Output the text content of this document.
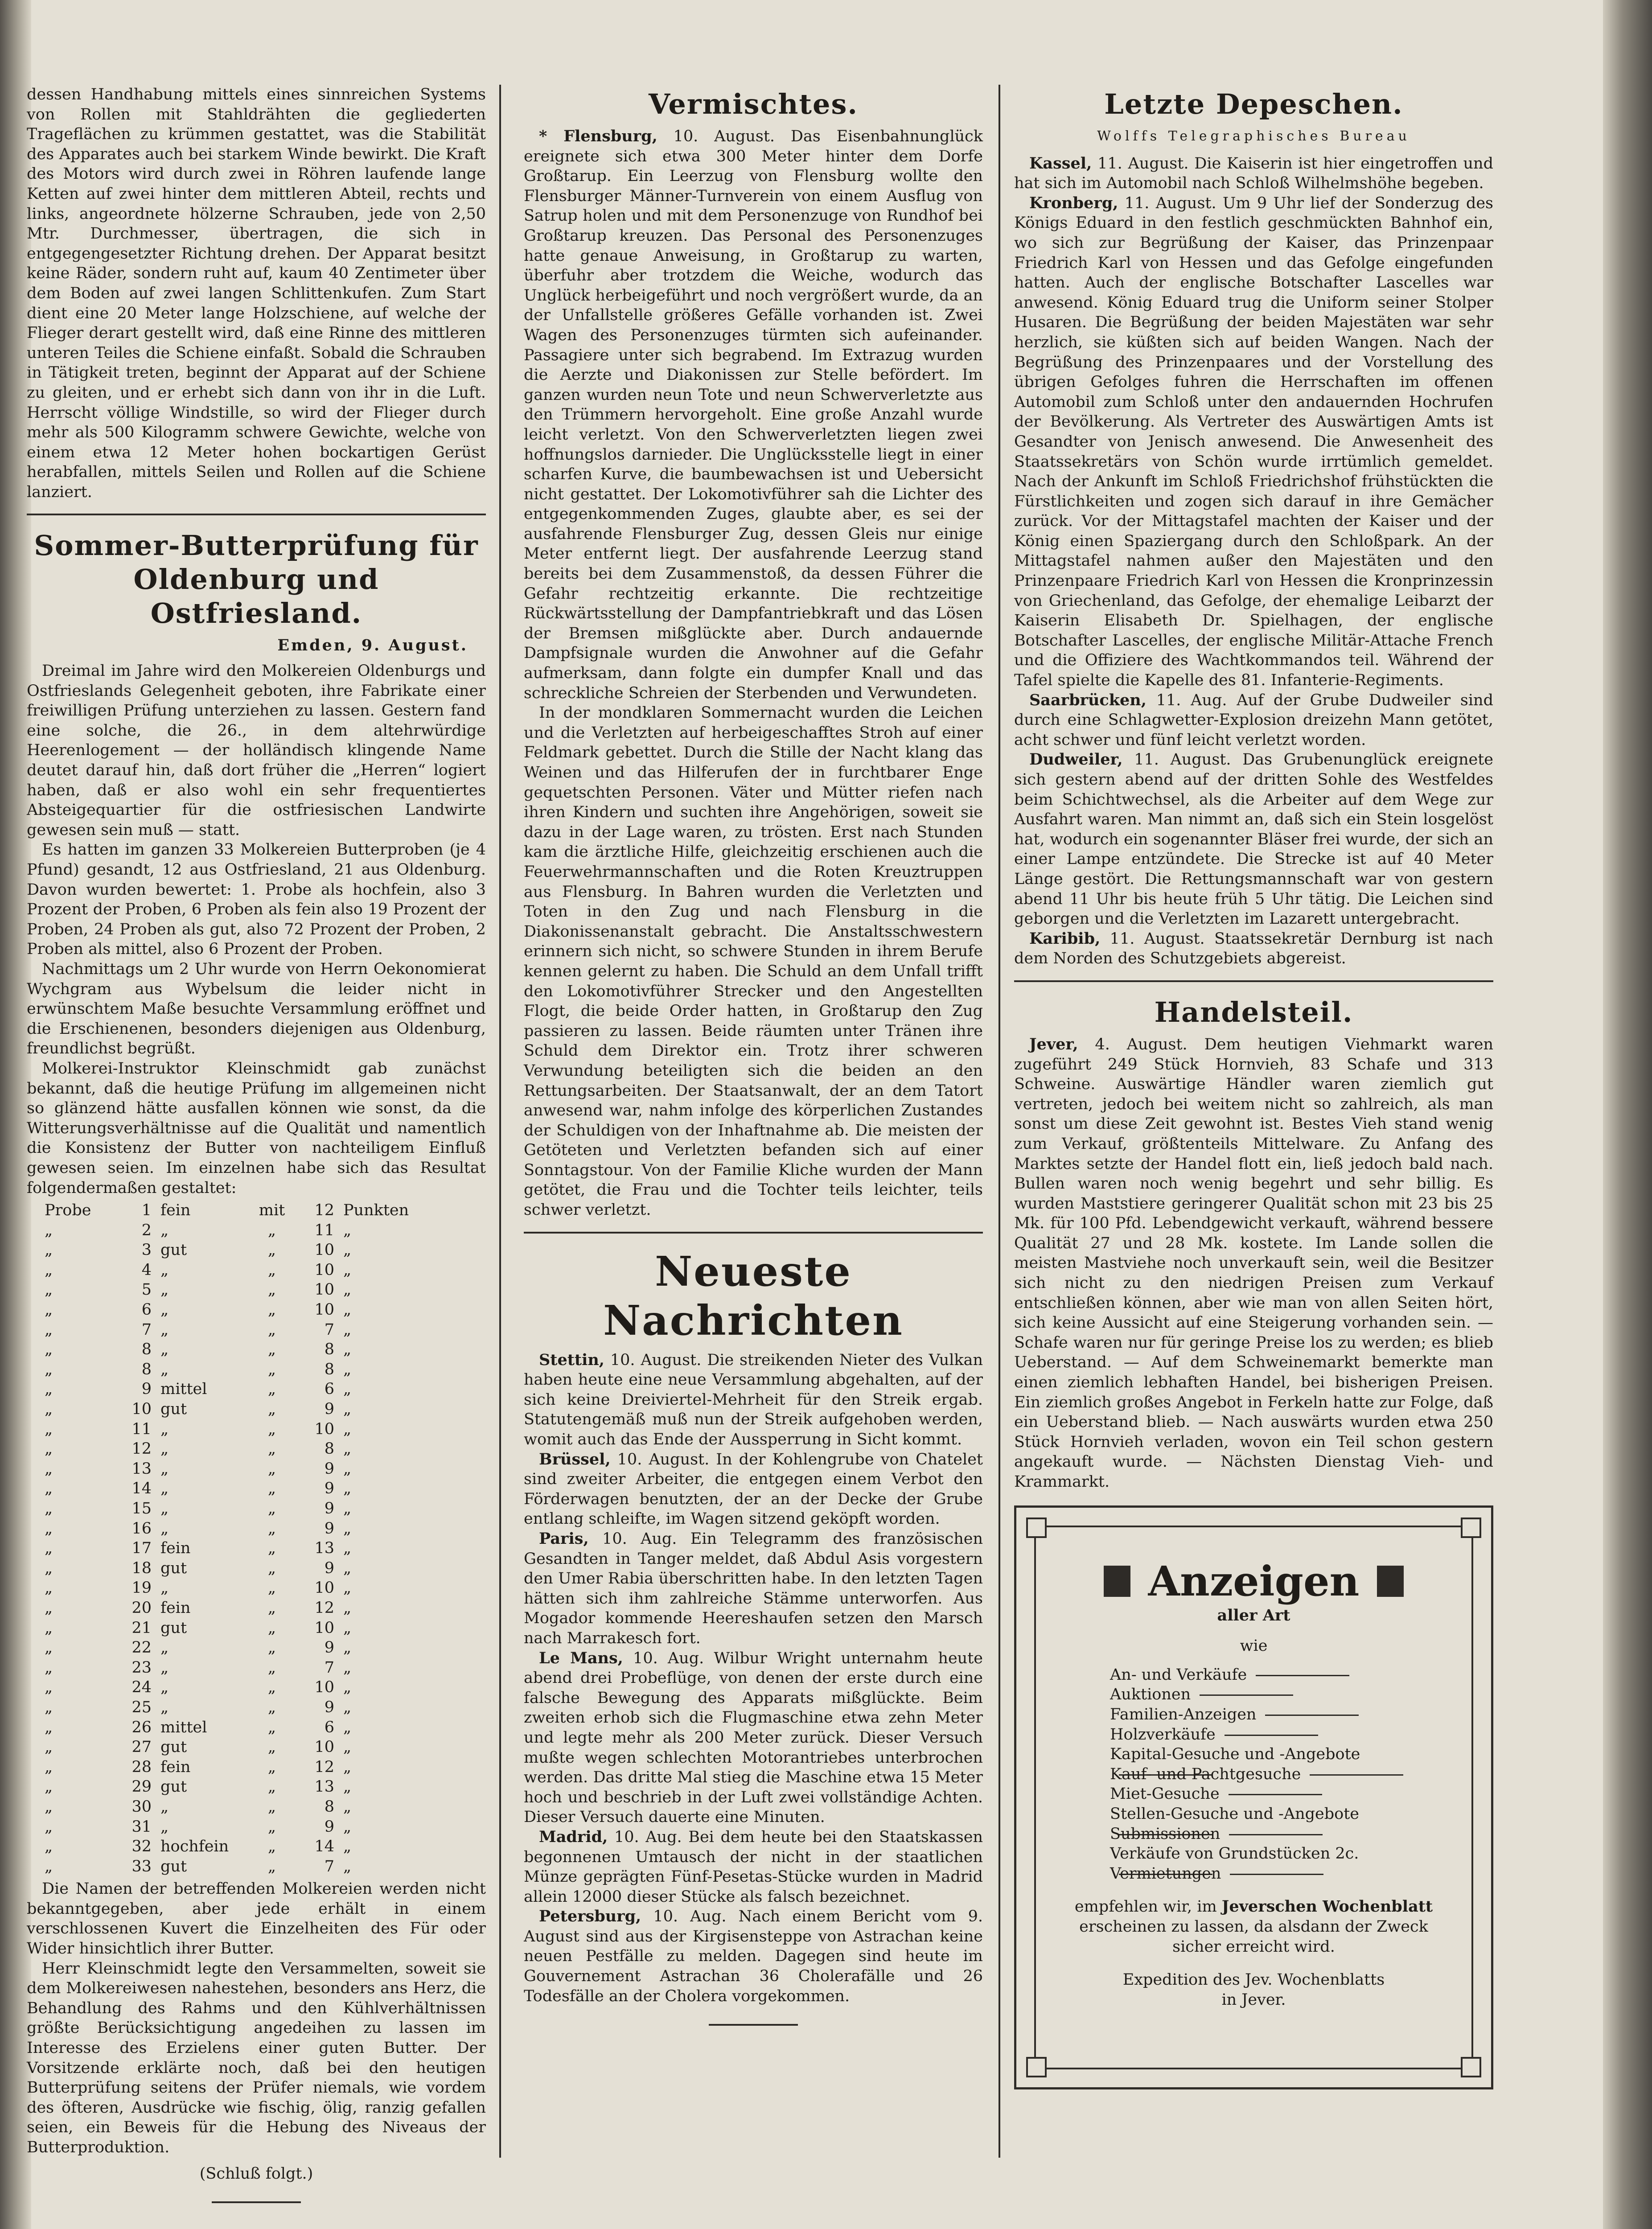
dessen Handhabung mittels eines sinnreichen Systems von Rollen mit Stahldrähten die gegliederten Trageflächen zu krümmen gestattet, was die Stabilität des Apparates auch bei starkem Winde bewirkt. Die Kraft des Motors wird durch zwei in Röhren laufende lange Ketten auf zwei hinter dem mittleren Abteil, rechts und links, angeordnete hölzerne Schrauben, jede von 2,50 Mtr. Durchmesser, übertragen, die sich in entgegengesetzter Richtung drehen. Der Apparat besitzt keine Räder, sondern ruht auf, kaum 40 Zentimeter über dem Boden auf zwei langen Schlittenkufen. Zum Start dient eine 20 Meter lange Holzschiene, auf welche der Flieger derart gestellt wird, daß eine Rinne des mittleren unteren Teiles die Schiene einfaßt. Sobald die Schrauben in Tätigkeit treten, beginnt der Apparat auf der Schiene zu gleiten, und er erhebt sich dann von ihr in die Luft. Herrscht völlige Windstille, so wird der Flieger durch mehr als 500 Kilogramm schwere Gewichte, welche von einem etwa 12 Meter hohen bockartigen Gerüst herabfallen, mittels Seilen und Rollen auf die Schiene lanziert.

Sommer-Butterprüfung für Oldenburg und Ostfriesland.
Emden, 9. August.

Dreimal im Jahre wird den Molkereien Oldenburgs und Ostfrieslands Gelegenheit geboten, ihre Fabrikate einer freiwilligen Prüfung unterziehen zu lassen. Gestern fand eine solche, die 26., in dem altehrwürdige Heerenlogement — der holländisch klingende Name deutet darauf hin, daß dort früher die „Herren“ logiert haben, daß er also wohl ein sehr frequentiertes Absteigequartier für die ostfriesischen Landwirte gewesen sein muß — statt.

Es hatten im ganzen 33 Molkereien Butterproben (je 4 Pfund) gesandt, 12 aus Ostfriesland, 21 aus Oldenburg. Davon wurden bewertet: 1. Probe als hochfein, also 3 Prozent der Proben, 6 Proben als fein also 19 Prozent der Proben, 24 Proben als gut, also 72 Prozent der Proben, 2 Proben als mittel, also 6 Prozent der Proben.

Nachmittags um 2 Uhr wurde von Herrn Oekonomierat Wychgram aus Wybelsum die leider nicht in erwünschtem Maße besuchte Versammlung eröffnet und die Erschienenen, besonders diejenigen aus Oldenburg, freundlichst begrüßt.

Molkerei-Instruktor Kleinschmidt gab zunächst bekannt, daß die heutige Prüfung im allgemeinen nicht so glänzend hätte ausfallen können wie sonst, da die Witterungsverhältnisse auf die Qualität und namentlich die Konsistenz der Butter von nachteiligem Einfluß gewesen seien. Im einzelnen habe sich das Resultat folgendermaßen gestaltet:

Probe	1	fein	mit	12	Punkten
„	2	„	„	11	„
„	3	gut	„	10	„
„	4	„	„	10	„
„	5	„	„	10	„
„	6	„	„	10	„
„	7	„	„	7	„
„	8	„	„	8	„
„	8	„	„	8	„
„	9	mittel	„	6	„
„	10	gut	„	9	„
„	11	„	„	10	„
„	12	„	„	8	„
„	13	„	„	9	„
„	14	„	„	9	„
„	15	„	„	9	„
„	16	„	„	9	„
„	17	fein	„	13	„
„	18	gut	„	9	„
„	19	„	„	10	„
„	20	fein	„	12	„
„	21	gut	„	10	„
„	22	„	„	9	„
„	23	„	„	7	„
„	24	„	„	10	„
„	25	„	„	9	„
„	26	mittel	„	6	„
„	27	gut	„	10	„
„	28	fein	„	12	„
„	29	gut	„	13	„
„	30	„	„	8	„
„	31	„	„	9	„
„	32	hochfein	„	14	„
„	33	gut	„	7	„

Die Namen der betreffenden Molkereien werden nicht bekanntgegeben, aber jede erhält in einem verschlossenen Kuvert die Einzelheiten des Für oder Wider hinsichtlich ihrer Butter.

Herr Kleinschmidt legte den Versammelten, soweit sie dem Molkereiwesen nahestehen, besonders ans Herz, die Behandlung des Rahms und den Kühlverhältnissen größte Berücksichtigung angedeihen zu lassen im Interesse des Erzielens einer guten Butter. Der Vorsitzende erklärte noch, daß bei den heutigen Butterprüfung seitens der Prüfer niemals, wie vordem des öfteren, Ausdrücke wie fischig, ölig, ranzig gefallen seien, ein Beweis für die Hebung des Niveaus der Butterproduktion.

(Schluß folgt.)
Vermischtes.

* Flensburg, 10. August. Das Eisenbahnunglück ereignete sich etwa 300 Meter hinter dem Dorfe Großtarup. Ein Leerzug von Flensburg wollte den Flensburger Männer-Turnverein von einem Ausflug von Satrup holen und mit dem Personenzuge von Rundhof bei Großtarup kreuzen. Das Personal des Personenzuges hatte genaue Anweisung, in Großtarup zu warten, überfuhr aber trotzdem die Weiche, wodurch das Unglück herbeigeführt und noch vergrößert wurde, da an der Unfallstelle größeres Gefälle vorhanden ist. Zwei Wagen des Personenzuges türmten sich aufeinander. Passagiere unter sich begrabend. Im Extrazug wurden die Aerzte und Diakonissen zur Stelle befördert. Im ganzen wurden neun Tote und neun Schwerverletzte aus den Trümmern hervorgeholt. Eine große Anzahl wurde leicht verletzt. Von den Schwerverletzten liegen zwei hoffnungslos darnieder. Die Unglücksstelle liegt in einer scharfen Kurve, die baumbewachsen ist und Uebersicht nicht gestattet. Der Lokomotivführer sah die Lichter des entgegenkommenden Zuges, glaubte aber, es sei der ausfahrende Flensburger Zug, dessen Gleis nur einige Meter entfernt liegt. Der ausfahrende Leerzug stand bereits bei dem Zusammenstoß, da dessen Führer die Gefahr rechtzeitig erkannte. Die rechtzeitige Rückwärtsstellung der Dampfantriebkraft und das Lösen der Bremsen mißglückte aber. Durch andauernde Dampfsignale wurden die Anwohner auf die Gefahr aufmerksam, dann folgte ein dumpfer Knall und das schreckliche Schreien der Sterbenden und Verwundeten.

In der mondklaren Sommernacht wurden die Leichen und die Verletzten auf herbeigeschafftes Stroh auf einer Feldmark gebettet. Durch die Stille der Nacht klang das Weinen und das Hilferufen der in furchtbarer Enge gequetschten Personen. Väter und Mütter riefen nach ihren Kindern und suchten ihre Angehörigen, soweit sie dazu in der Lage waren, zu trösten. Erst nach Stunden kam die ärztliche Hilfe, gleichzeitig erschienen auch die Feuerwehrmannschaften und die Roten Kreuztruppen aus Flensburg. In Bahren wurden die Verletzten und Toten in den Zug und nach Flensburg in die Diakonissenanstalt gebracht. Die Anstaltsschwestern erinnern sich nicht, so schwere Stunden in ihrem Berufe kennen gelernt zu haben. Die Schuld an dem Unfall trifft den Lokomotivführer Strecker und den Angestellten Flogt, die beide Order hatten, in Großtarup den Zug passieren zu lassen. Beide räumten unter Tränen ihre Schuld dem Direktor ein. Trotz ihrer schweren Verwundung beteiligten sich die beiden an den Rettungsarbeiten. Der Staatsanwalt, der an dem Tatort anwesend war, nahm infolge des körperlichen Zustandes der Schuldigen von der Inhaftnahme ab. Die meisten der Getöteten und Verletzten befanden sich auf einer Sonntagstour. Von der Familie Kliche wurden der Mann getötet, die Frau und die Tochter teils leichter, teils schwer verletzt.

Neueste Nachrichten

Stettin, 10. August. Die streikenden Nieter des Vulkan haben heute eine neue Versammlung abgehalten, auf der sich keine Dreiviertel-Mehrheit für den Streik ergab. Statutengemäß muß nun der Streik aufgehoben werden, womit auch das Ende der Aussperrung in Sicht kommt.

Brüssel, 10. August. In der Kohlengrube von Chatelet sind zweiter Arbeiter, die entgegen einem Verbot den Förderwagen benutzten, der an der Decke der Grube entlang schleifte, im Wagen sitzend geköpft worden.

Paris, 10. Aug. Ein Telegramm des französischen Gesandten in Tanger meldet, daß Abdul Asis vorgestern den Umer Rabia überschritten habe. In den letzten Tagen hätten sich ihm zahlreiche Stämme unterworfen. Aus Mogador kommende Heereshaufen setzen den Marsch nach Marrakesch fort.

Le Mans, 10. Aug. Wilbur Wright unternahm heute abend drei Probeflüge, von denen der erste durch eine falsche Bewegung des Apparats mißglückte. Beim zweiten erhob sich die Flugmaschine etwa zehn Meter und legte mehr als 200 Meter zurück. Dieser Versuch mußte wegen schlechten Motorantriebes unterbrochen werden. Das dritte Mal stieg die Maschine etwa 15 Meter hoch und beschrieb in der Luft zwei vollständige Achten. Dieser Versuch dauerte eine Minuten.

Madrid, 10. Aug. Bei dem heute bei den Staatskassen begonnenen Umtausch der nicht in der staatlichen Münze geprägten Fünf-Pesetas-Stücke wurden in Madrid allein 12000 dieser Stücke als falsch bezeichnet.

Petersburg, 10. Aug. Nach einem Bericht vom 9. August sind aus der Kirgisensteppe von Astrachan keine neuen Pestfälle zu melden. Dagegen sind heute im Gouvernement Astrachan 36 Cholerafälle und 26 Todesfälle an der Cholera vorgekommen.

Letzte Depeschen.
Wolffs Telegraphisches Bureau

Kassel, 11. August. Die Kaiserin ist hier eingetroffen und hat sich im Automobil nach Schloß Wilhelmshöhe begeben.

Kronberg, 11. August. Um 9 Uhr lief der Sonderzug des Königs Eduard in den festlich geschmückten Bahnhof ein, wo sich zur Begrüßung der Kaiser, das Prinzenpaar Friedrich Karl von Hessen und das Gefolge eingefunden hatten. Auch der englische Botschafter Lascelles war anwesend. König Eduard trug die Uniform seiner Stolper Husaren. Die Begrüßung der beiden Majestäten war sehr herzlich, sie küßten sich auf beiden Wangen. Nach der Begrüßung des Prinzenpaares und der Vorstellung des übrigen Gefolges fuhren die Herrschaften im offenen Automobil zum Schloß unter den andauernden Hochrufen der Bevölkerung. Als Vertreter des Auswärtigen Amts ist Gesandter von Jenisch anwesend. Die Anwesenheit des Staatssekretärs von Schön wurde irrtümlich gemeldet. Nach der Ankunft im Schloß Friedrichshof frühstückten die Fürstlichkeiten und zogen sich darauf in ihre Gemächer zurück. Vor der Mittagstafel machten der Kaiser und der König einen Spaziergang durch den Schloßpark. An der Mittagstafel nahmen außer den Majestäten und den Prinzenpaare Friedrich Karl von Hessen die Kronprinzessin von Griechenland, das Gefolge, der ehemalige Leibarzt der Kaiserin Elisabeth Dr. Spielhagen, der englische Botschafter Lascelles, der englische Militär-Attache French und die Offiziere des Wachtkommandos teil. Während der Tafel spielte die Kapelle des 81. Infanterie-Regiments.

Saarbrücken, 11. Aug. Auf der Grube Dudweiler sind durch eine Schlagwetter-Explosion dreizehn Mann getötet, acht schwer und fünf leicht verletzt worden.

Dudweiler, 11. August. Das Grubenunglück ereignete sich gestern abend auf der dritten Sohle des Westfeldes beim Schichtwechsel, als die Arbeiter auf dem Wege zur Ausfahrt waren. Man nimmt an, daß sich ein Stein losgelöst hat, wodurch ein sogenannter Bläser frei wurde, der sich an einer Lampe entzündete. Die Strecke ist auf 40 Meter Länge gestört. Die Rettungsmannschaft war von gestern abend 11 Uhr bis heute früh 5 Uhr tätig. Die Leichen sind geborgen und die Verletzten im Lazarett untergebracht.

Karibib, 11. August. Staatssekretär Dernburg ist nach dem Norden des Schutzgebiets abgereist.

Handelsteil.

Jever, 4. August. Dem heutigen Viehmarkt waren zugeführt 249 Stück Hornvieh, 83 Schafe und 313 Schweine. Auswärtige Händler waren ziemlich gut vertreten, jedoch bei weitem nicht so zahlreich, als man sonst um diese Zeit gewohnt ist. Bestes Vieh stand wenig zum Verkauf, größtenteils Mittelware. Zu Anfang des Marktes setzte der Handel flott ein, ließ jedoch bald nach. Bullen waren noch wenig begehrt und sehr billig. Es wurden Maststiere geringerer Qualität schon mit 23 bis 25 Mk. für 100 Pfd. Lebendgewicht verkauft, während bessere Qualität 27 und 28 Mk. kostete. Im Lande sollen die meisten Mastviehe noch unverkauft sein, weil die Besitzer sich nicht zu den niedrigen Preisen zum Verkauf entschließen können, aber wie man von allen Seiten hört, sich keine Aussicht auf eine Steigerung vorhanden sein. — Schafe waren nur für geringe Preise los zu werden; es blieb Ueberstand. — Auf dem Schweinemarkt bemerkte man einen ziemlich lebhaften Handel, bei bisherigen Preisen. Ein ziemlich großes Angebot in Ferkeln hatte zur Folge, daß ein Ueberstand blieb. — Nach auswärts wurden etwa 250 Stück Hornvieh verladen, wovon ein Teil schon gestern angekauft wurde. — Nächsten Dienstag Vieh- und Krammarkt.

Anzeigen
aller Art
wie
An- und Verkäufe
Auktionen
Familien-Anzeigen
Holzverkäufe
Kapital-Gesuche und -Angebote
Kauf- und Pachtgesuche
Miet-Gesuche
Stellen-Gesuche und -Angebote
Submissionen
Verkäufe von Grundstücken 2c.
Vermietungen
empfehlen wir, im Jeverschen Wochenblatt
erscheinen zu lassen, da alsdann der Zweck sicher erreicht wird.
Expedition des Jev. Wochenblatts
in Jever.
